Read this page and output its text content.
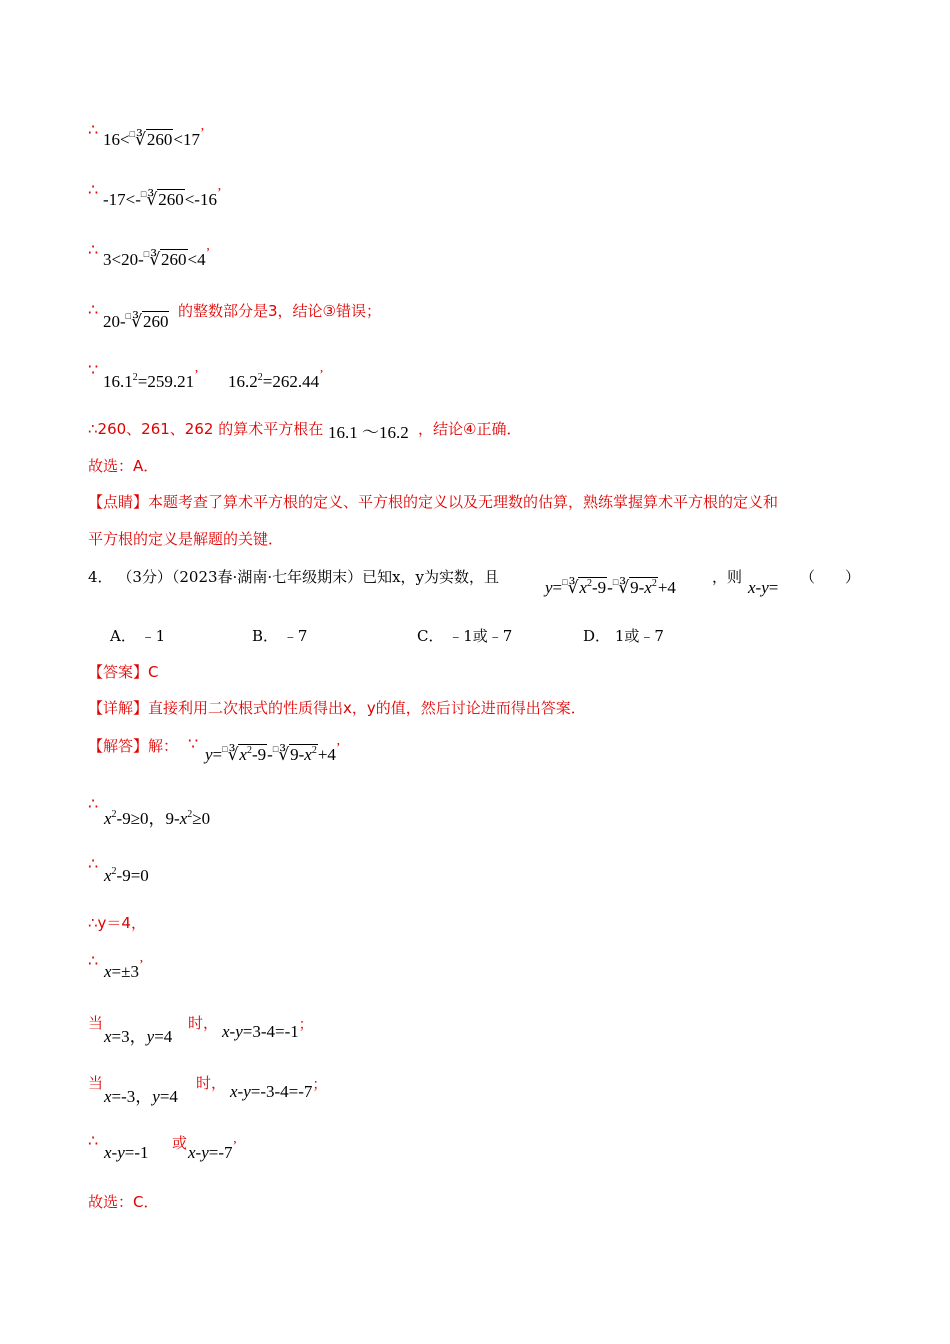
∴
16<□∛260<17’
∴
-17<-□∛260<-16’
∴
3<20-□∛260<4’
∴
20-□∛260
的整数部分是3，结论③错误；
∵
$16.1^2=259.21^’$ $16.2^2=262.44^’$
∴260、261、262 的算术平方根在 16.1 ～16.2 ，结论④正确．
故选：A．
【点睛】本题考查了算术平方根的定义、平方根的定义以及无理数的估算，熟练掌握算术平方根的定义和
平方根的定义是解题的关键．
4． （3分）（2023春·湖南·七年级期末）已知x，y为实数，且
$y=^□∛x^2-9-^□∛9-x^2+4$
，则
x-y=
（　　）
A． ﹣1	B． ﹣7	C． ﹣1或﹣7	D． 1或﹣7
【答案】C
【详解】直接利用二次根式的性质得出x，y的值，然后讨论进而得出答案．
【解答】解： ∵
$y=^□∛x^2-9-^□∛9-x^2+4^’$
∴
$x^2-9\ge 0$，$9-x^2\ge 0$
∴
$x^2-9=0$
∴y＝4，
∴
x=±3’
当
x=3，y=4
时， x-y=3-4=-1；
当
x=-3，y=4
时， x-y=-3-4=-7；
∴
x-y=-1 或 x-y=-7’
故选：C．
